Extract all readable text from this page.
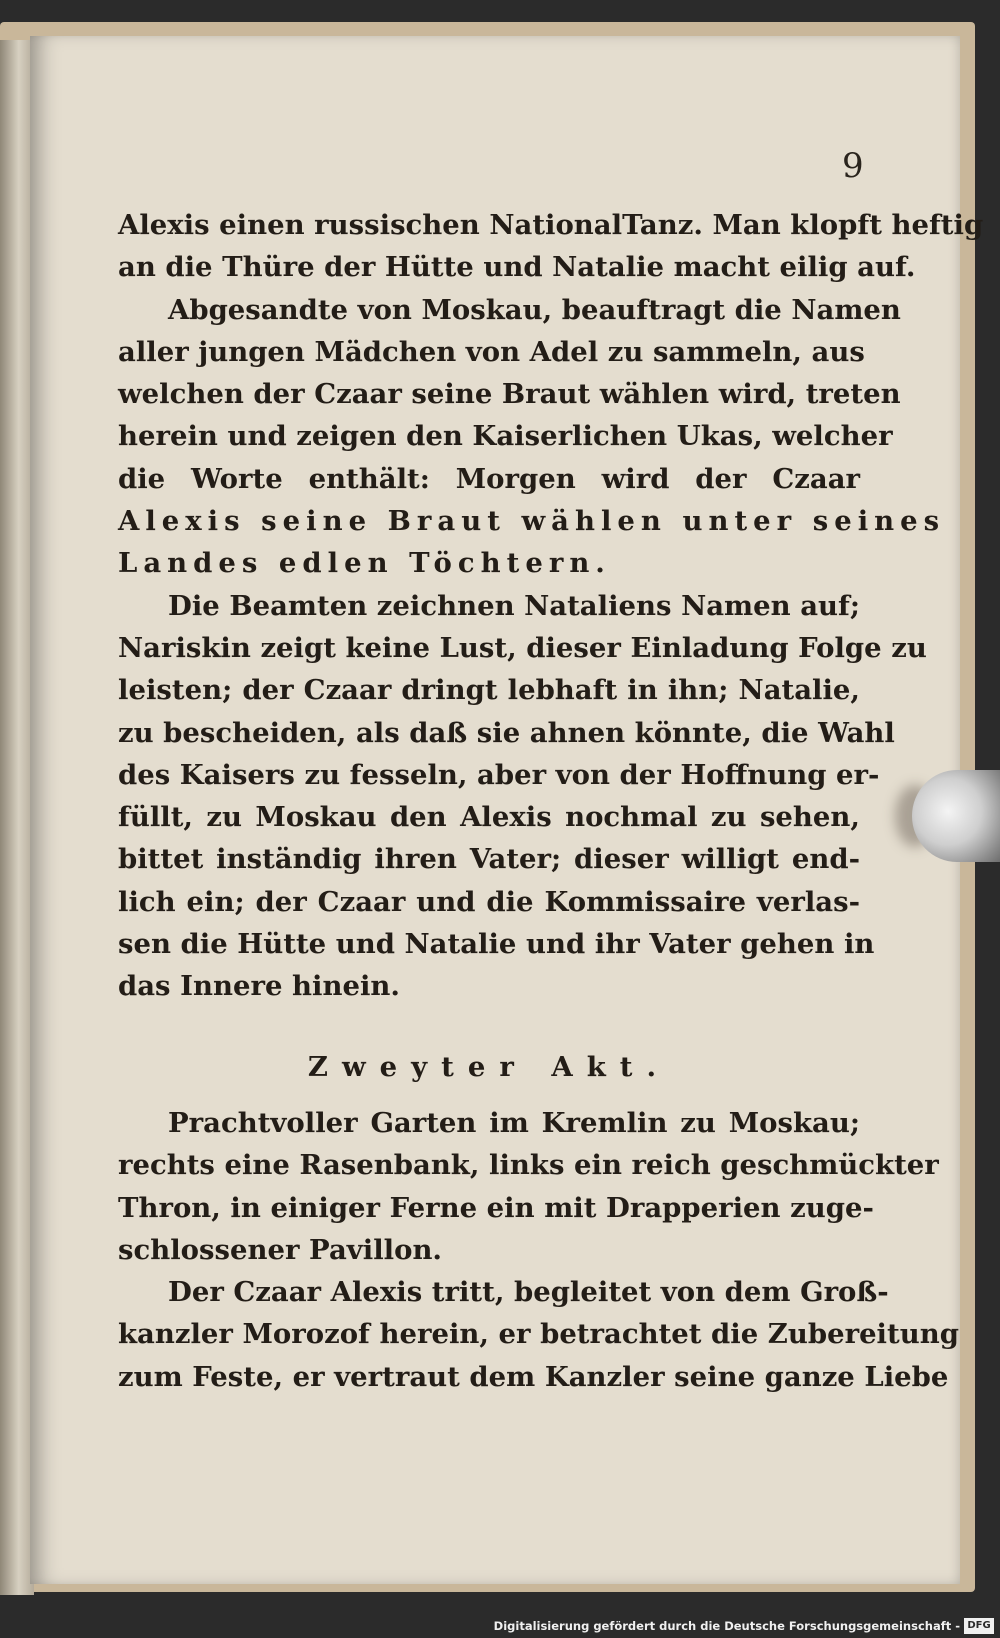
9
Alexis einen russischen NationalTanz. Man klopft heftig
an die Thüre der Hütte und Natalie macht eilig auf.
Abgesandte von Moskau, beauftragt die Namen
aller jungen Mädchen von Adel zu sammeln, aus
welchen der Czaar seine Braut wählen wird, treten
herein und zeigen den Kaiserlichen Ukas, welcher
die Worte enthält: Morgen wird der Czaar
Alexis seine Braut wählen unter seines
Landes edlen Töchtern.
Die Beamten zeichnen Nataliens Namen auf;
Nariskin zeigt keine Lust, dieser Einladung Folge zu
leisten; der Czaar dringt lebhaft in ihn; Natalie,
zu bescheiden, als daß sie ahnen könnte, die Wahl
des Kaisers zu fesseln, aber von der Hoffnung er-
füllt, zu Moskau den Alexis nochmal zu sehen,
bittet inständig ihren Vater; dieser willigt end-
lich ein; der Czaar und die Kommissaire verlas-
sen die Hütte und Natalie und ihr Vater gehen in
das Innere hinein.
Zweyter Akt.
Prachtvoller Garten im Kremlin zu Moskau;
rechts eine Rasenbank, links ein reich geschmückter
Thron, in einiger Ferne ein mit Drapperien zuge-
schlossener Pavillon.
Der Czaar Alexis tritt, begleitet von dem Groß-
kanzler Morozof herein, er betrachtet die Zubereitung
zum Feste, er vertraut dem Kanzler seine ganze Liebe
Digitalisierung gefördert durch die Deutsche Forschungsgemeinschaft - DFG
